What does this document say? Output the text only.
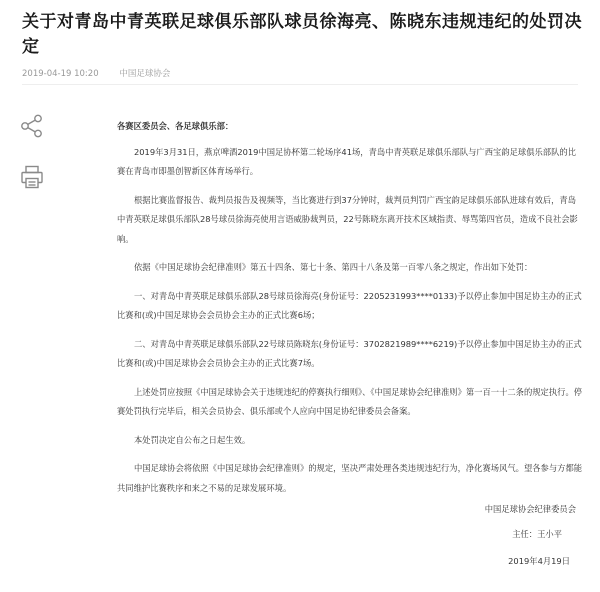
关于对青岛中青英联足球俱乐部队球员徐海亮、陈晓东违规违纪的处罚决定
2019-04-19 10:20 中国足球协会

各赛区委员会、各足球俱乐部：

2019年3月31日，燕京啤酒2019中国足协杯第二轮场序41场，青岛中青英联足球俱乐部队与广西宝韵足球俱乐部队的比赛在青岛市即墨创智新区体育场举行。

根据比赛监督报告、裁判员报告及视频等，当比赛进行到37分钟时，裁判员判罚广西宝韵足球俱乐部队进球有效后，青岛中青英联足球俱乐部队28号球员徐海亮使用言语威胁裁判员，22号陈晓东离开技术区域指责、辱骂第四官员，造成不良社会影响。

依据《中国足球协会纪律准则》第五十四条、第七十条、第四十八条及第一百零八条之规定，作出如下处罚：

一、对青岛中青英联足球俱乐部队28号球员徐海亮(身份证号：2205231993****0133)予以停止参加中国足协主办的正式比赛和(或)中国足球协会会员协会主办的正式比赛6场；

二、对青岛中青英联足球俱乐部队22号球员陈晓东(身份证号：3702821989****6219)予以停止参加中国足协主办的正式比赛和(或)中国足球协会会员协会主办的正式比赛7场。

上述处罚应按照《中国足球协会关于违规违纪的停赛执行细则》、《中国足球协会纪律准则》第一百一十二条的规定执行。停赛处罚执行完毕后，相关会员协会、俱乐部或个人应向中国足协纪律委员会备案。

本处罚决定自公布之日起生效。

中国足球协会将依照《中国足球协会纪律准则》的规定，坚决严肃处理各类违规违纪行为，净化赛场风气。望各参与方都能共同维护比赛秩序和来之不易的足球发展环境。

中国足球协会纪律委员会
主任：王小平
2019年4月19日
